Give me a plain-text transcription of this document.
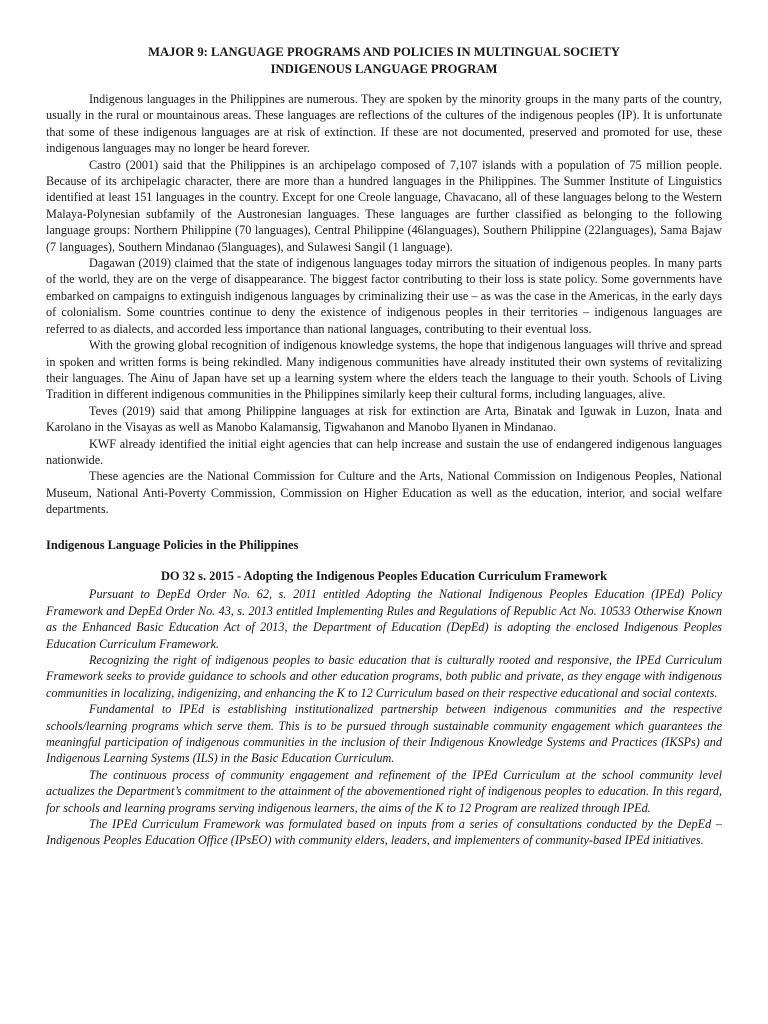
MAJOR 9: LANGUAGE PROGRAMS AND POLICIES IN MULTINGUAL SOCIETY

INDIGENOUS LANGUAGE PROGRAM

Indigenous languages in the Philippines are numerous. They are spoken by the minority groups in the many parts of the country, usually in the rural or mountainous areas. These languages are reflections of the cultures of the indigenous peoples (IP). It is unfortunate that some of these indigenous languages are at risk of extinction. If these are not documented, preserved and promoted for use, these indigenous languages may no longer be heard forever.

Castro (2001) said that the Philippines is an archipelago composed of 7,107 islands with a population of 75 million people. Because of its archipelagic character, there are more than a hundred languages in the Philippines. The Summer Institute of Linguistics identified at least 151 languages in the country. Except for one Creole language, Chavacano, all of these languages belong to the Western Malaya-Polynesian subfamily of the Austronesian languages. These languages are further classified as belonging to the following language groups: Northern Philippine (70 languages), Central Philippine (46languages), Southern Philippine (22languages), Sama Bajaw (7 languages), Southern Mindanao (5languages), and Sulawesi Sangil (1 language).

Dagawan (2019) claimed that the state of indigenous languages today mirrors the situation of indigenous peoples. In many parts of the world, they are on the verge of disappearance. The biggest factor contributing to their loss is state policy. Some governments have embarked on campaigns to extinguish indigenous languages by criminalizing their use – as was the case in the Americas, in the early days of colonialism. Some countries continue to deny the existence of indigenous peoples in their territories – indigenous languages are referred to as dialects, and accorded less importance than national languages, contributing to their eventual loss.

With the growing global recognition of indigenous knowledge systems, the hope that indigenous languages will thrive and spread in spoken and written forms is being rekindled. Many indigenous communities have already instituted their own systems of revitalizing their languages. The Ainu of Japan have set up a learning system where the elders teach the language to their youth. Schools of Living Tradition in different indigenous communities in the Philippines similarly keep their cultural forms, including languages, alive.

Teves (2019) said that among Philippine languages at risk for extinction are Arta, Binatak and Iguwak in Luzon, Inata and Karolano in the Visayas as well as Manobo Kalamansig, Tigwahanon and Manobo Ilyanen in Mindanao.

KWF already identified the initial eight agencies that can help increase and sustain the use of endangered indigenous languages nationwide.

These agencies are the National Commission for Culture and the Arts, National Commission on Indigenous Peoples, National Museum, National Anti-Poverty Commission, Commission on Higher Education as well as the education, interior, and social welfare departments.

Indigenous Language Policies in the Philippines

DO 32 s. 2015 - Adopting the Indigenous Peoples Education Curriculum Framework

Pursuant to DepEd Order No. 62, s. 2011 entitled Adopting the National Indigenous Peoples Education (IPEd) Policy Framework and DepEd Order No. 43, s. 2013 entitled Implementing Rules and Regulations of Republic Act No. 10533 Otherwise Known as the Enhanced Basic Education Act of 2013, the Department of Education (DepEd) is adopting the enclosed Indigenous Peoples Education Curriculum Framework.

Recognizing the right of indigenous peoples to basic education that is culturally rooted and responsive, the IPEd Curriculum Framework seeks to provide guidance to schools and other education programs, both public and private, as they engage with indigenous communities in localizing, indigenizing, and enhancing the K to 12 Curriculum based on their respective educational and social contexts.

Fundamental to IPEd is establishing institutionalized partnership between indigenous communities and the respective schools/learning programs which serve them. This is to be pursued through sustainable community engagement which guarantees the meaningful participation of indigenous communities in the inclusion of their Indigenous Knowledge Systems and Practices (IKSPs) and Indigenous Learning Systems (ILS) in the Basic Education Curriculum.

The continuous process of community engagement and refinement of the IPEd Curriculum at the school community level actualizes the Department’s commitment to the attainment of the abovementioned right of indigenous peoples to education. In this regard, for schools and learning programs serving indigenous learners, the aims of the K to 12 Program are realized through IPEd.

The IPEd Curriculum Framework was formulated based on inputs from a series of consultations conducted by the DepEd – Indigenous Peoples Education Office (IPsEO) with community elders, leaders, and implementers of community-based IPEd initiatives.
